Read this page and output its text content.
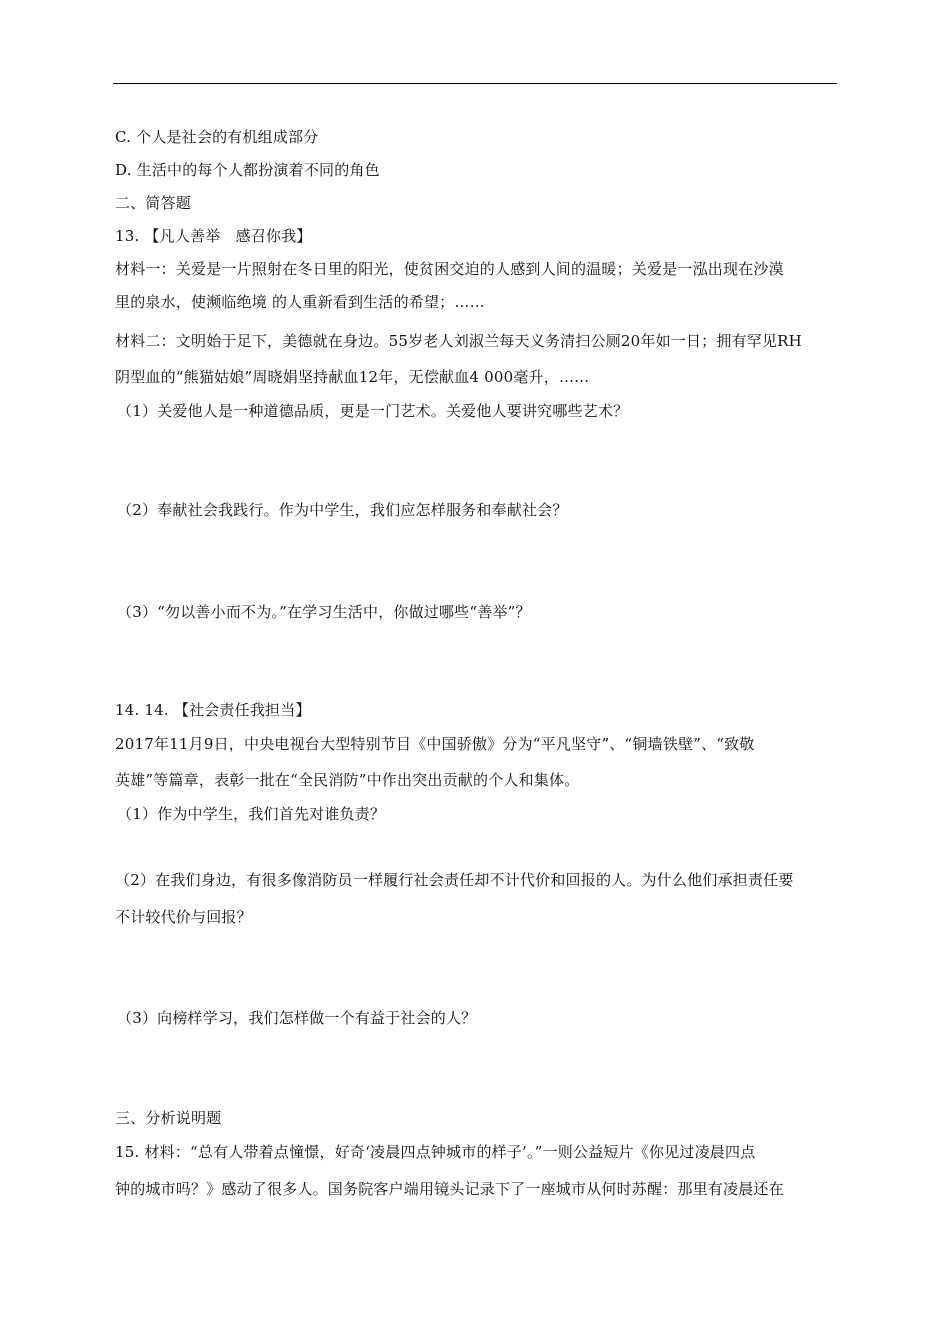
C. 个人是社会的有机组成部分
D. 生活中的每个人都扮演着不同的角色
二、简答题
13. 【凡人善举　感召你我】
材料一：关爱是一片照射在冬日里的阳光，使贫困交迫的人感到人间的温暖；关爱是一泓出现在沙漠
里的泉水，使濒临绝境 的人重新看到生活的希望；……
材料二：文明始于足下，美德就在身边。55岁老人刘淑兰每天义务清扫公厕20年如一日；拥有罕见RH
阴型血的“熊猫姑娘”周晓娟坚持献血12年，无偿献血4 000毫升，……
（1）关爱他人是一种道德品质，更是一门艺术。关爱他人要讲究哪些艺术？
（2）奉献社会我践行。作为中学生，我们应怎样服务和奉献社会？
（3）“勿以善小而不为。”在学习生活中，你做过哪些“善举”？
14. 14. 【社会责任我担当】
2017年11月9日，中央电视台大型特别节目《中国骄傲》分为“平凡坚守”、“铜墙铁壁”、“致敬
英雄”等篇章，表彰一批在“全民消防”中作出突出贡献的个人和集体。
（1）作为中学生，我们首先对谁负责？
（2）在我们身边，有很多像消防员一样履行社会责任却不计代价和回报的人。为什么他们承担责任要
不计较代价与回报？
（3）向榜样学习，我们怎样做一个有益于社会的人？
三、分析说明题
15. 材料：“总有人带着点憧憬，好奇‘凌晨四点钟城市的样子’。”一则公益短片《你见过凌晨四点
钟的城市吗？》感动了很多人。国务院客户端用镜头记录下了一座城市从何时苏醒：那里有凌晨还在
